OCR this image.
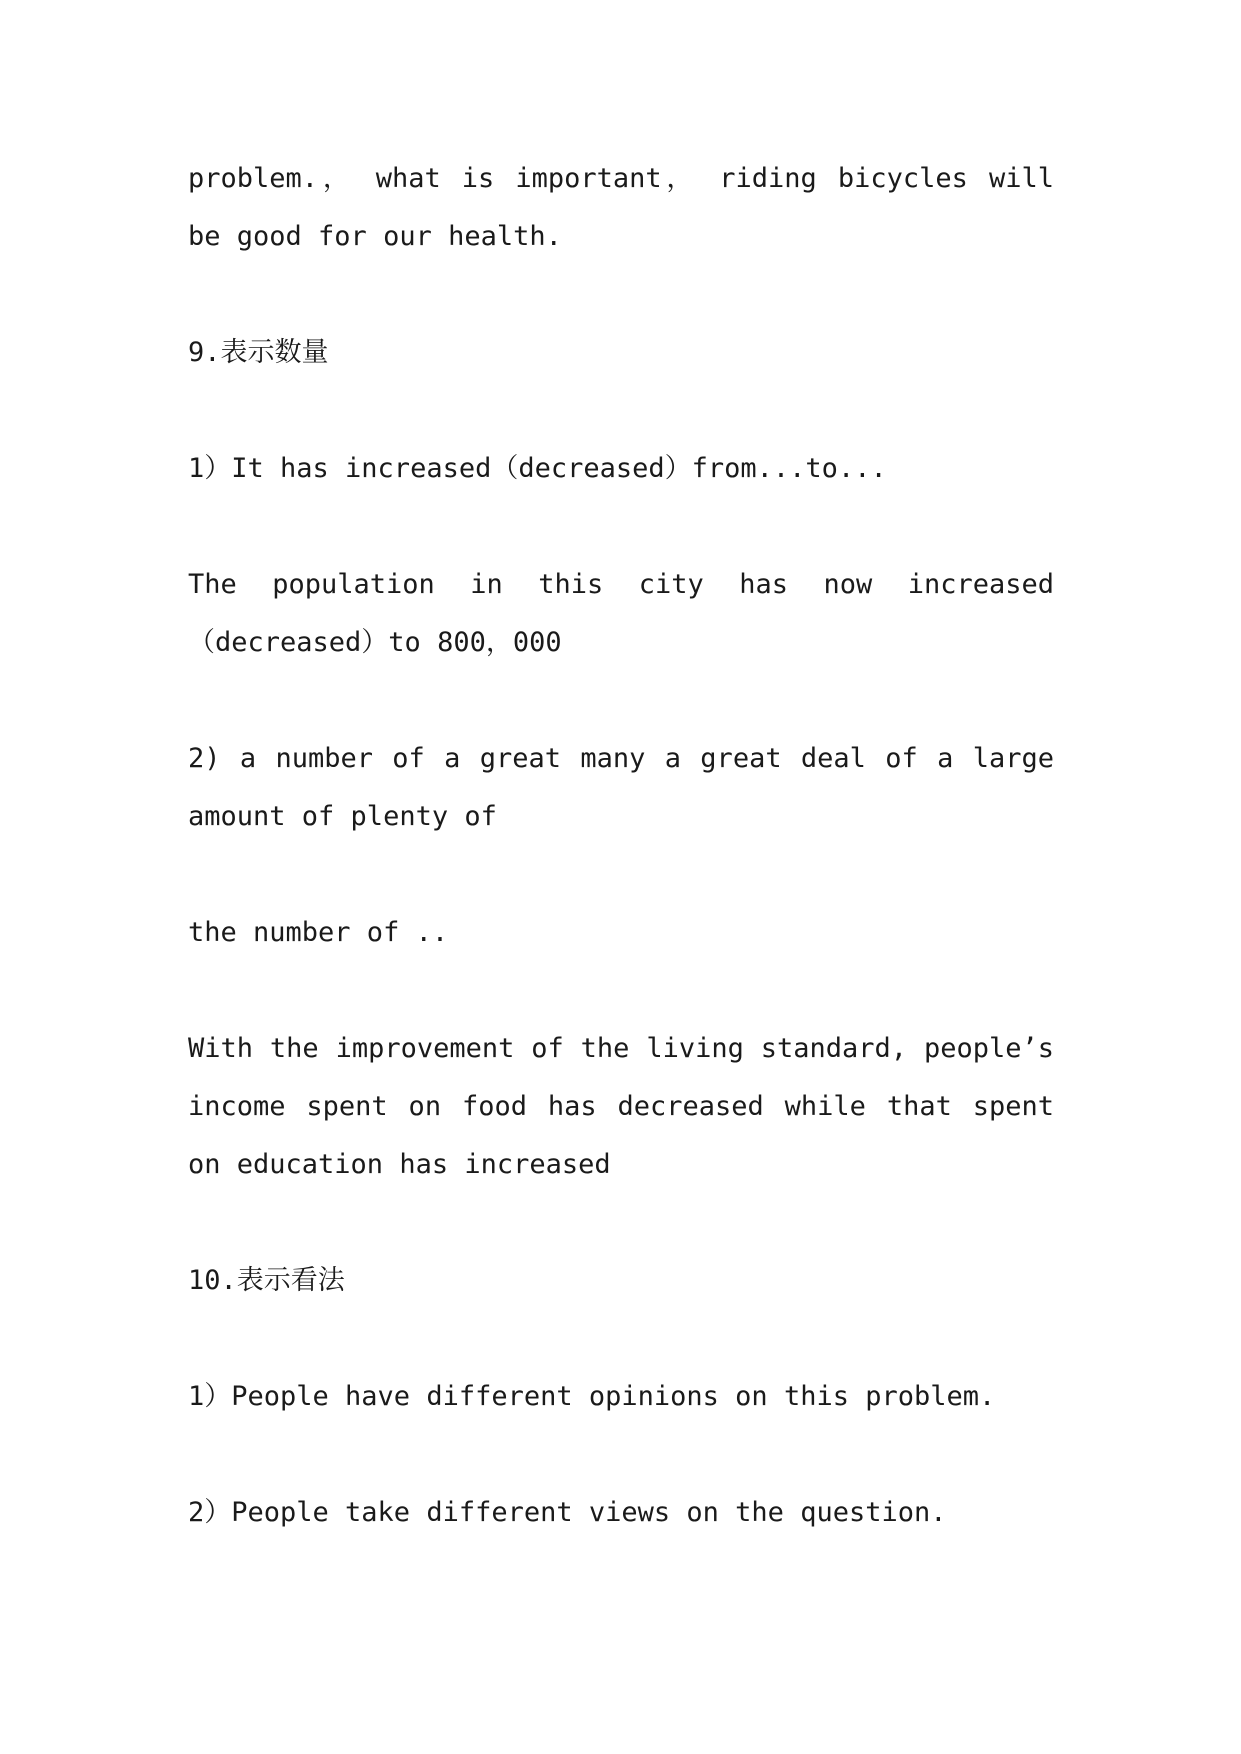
problem.， what is important， riding bicycles will be good for our health.

9.表示数量

1）It has increased（decreased）from...to...

The population in this city has now increased （decreased）to 800，000

2) a number of a great many a great deal of a large amount of plenty of

the number of ..

With the improvement of the living standard, people’s income spent on food has decreased while that spent on education has increased

10.表示看法

1）People have different opinions on this problem.

2）People take different views on the question.
